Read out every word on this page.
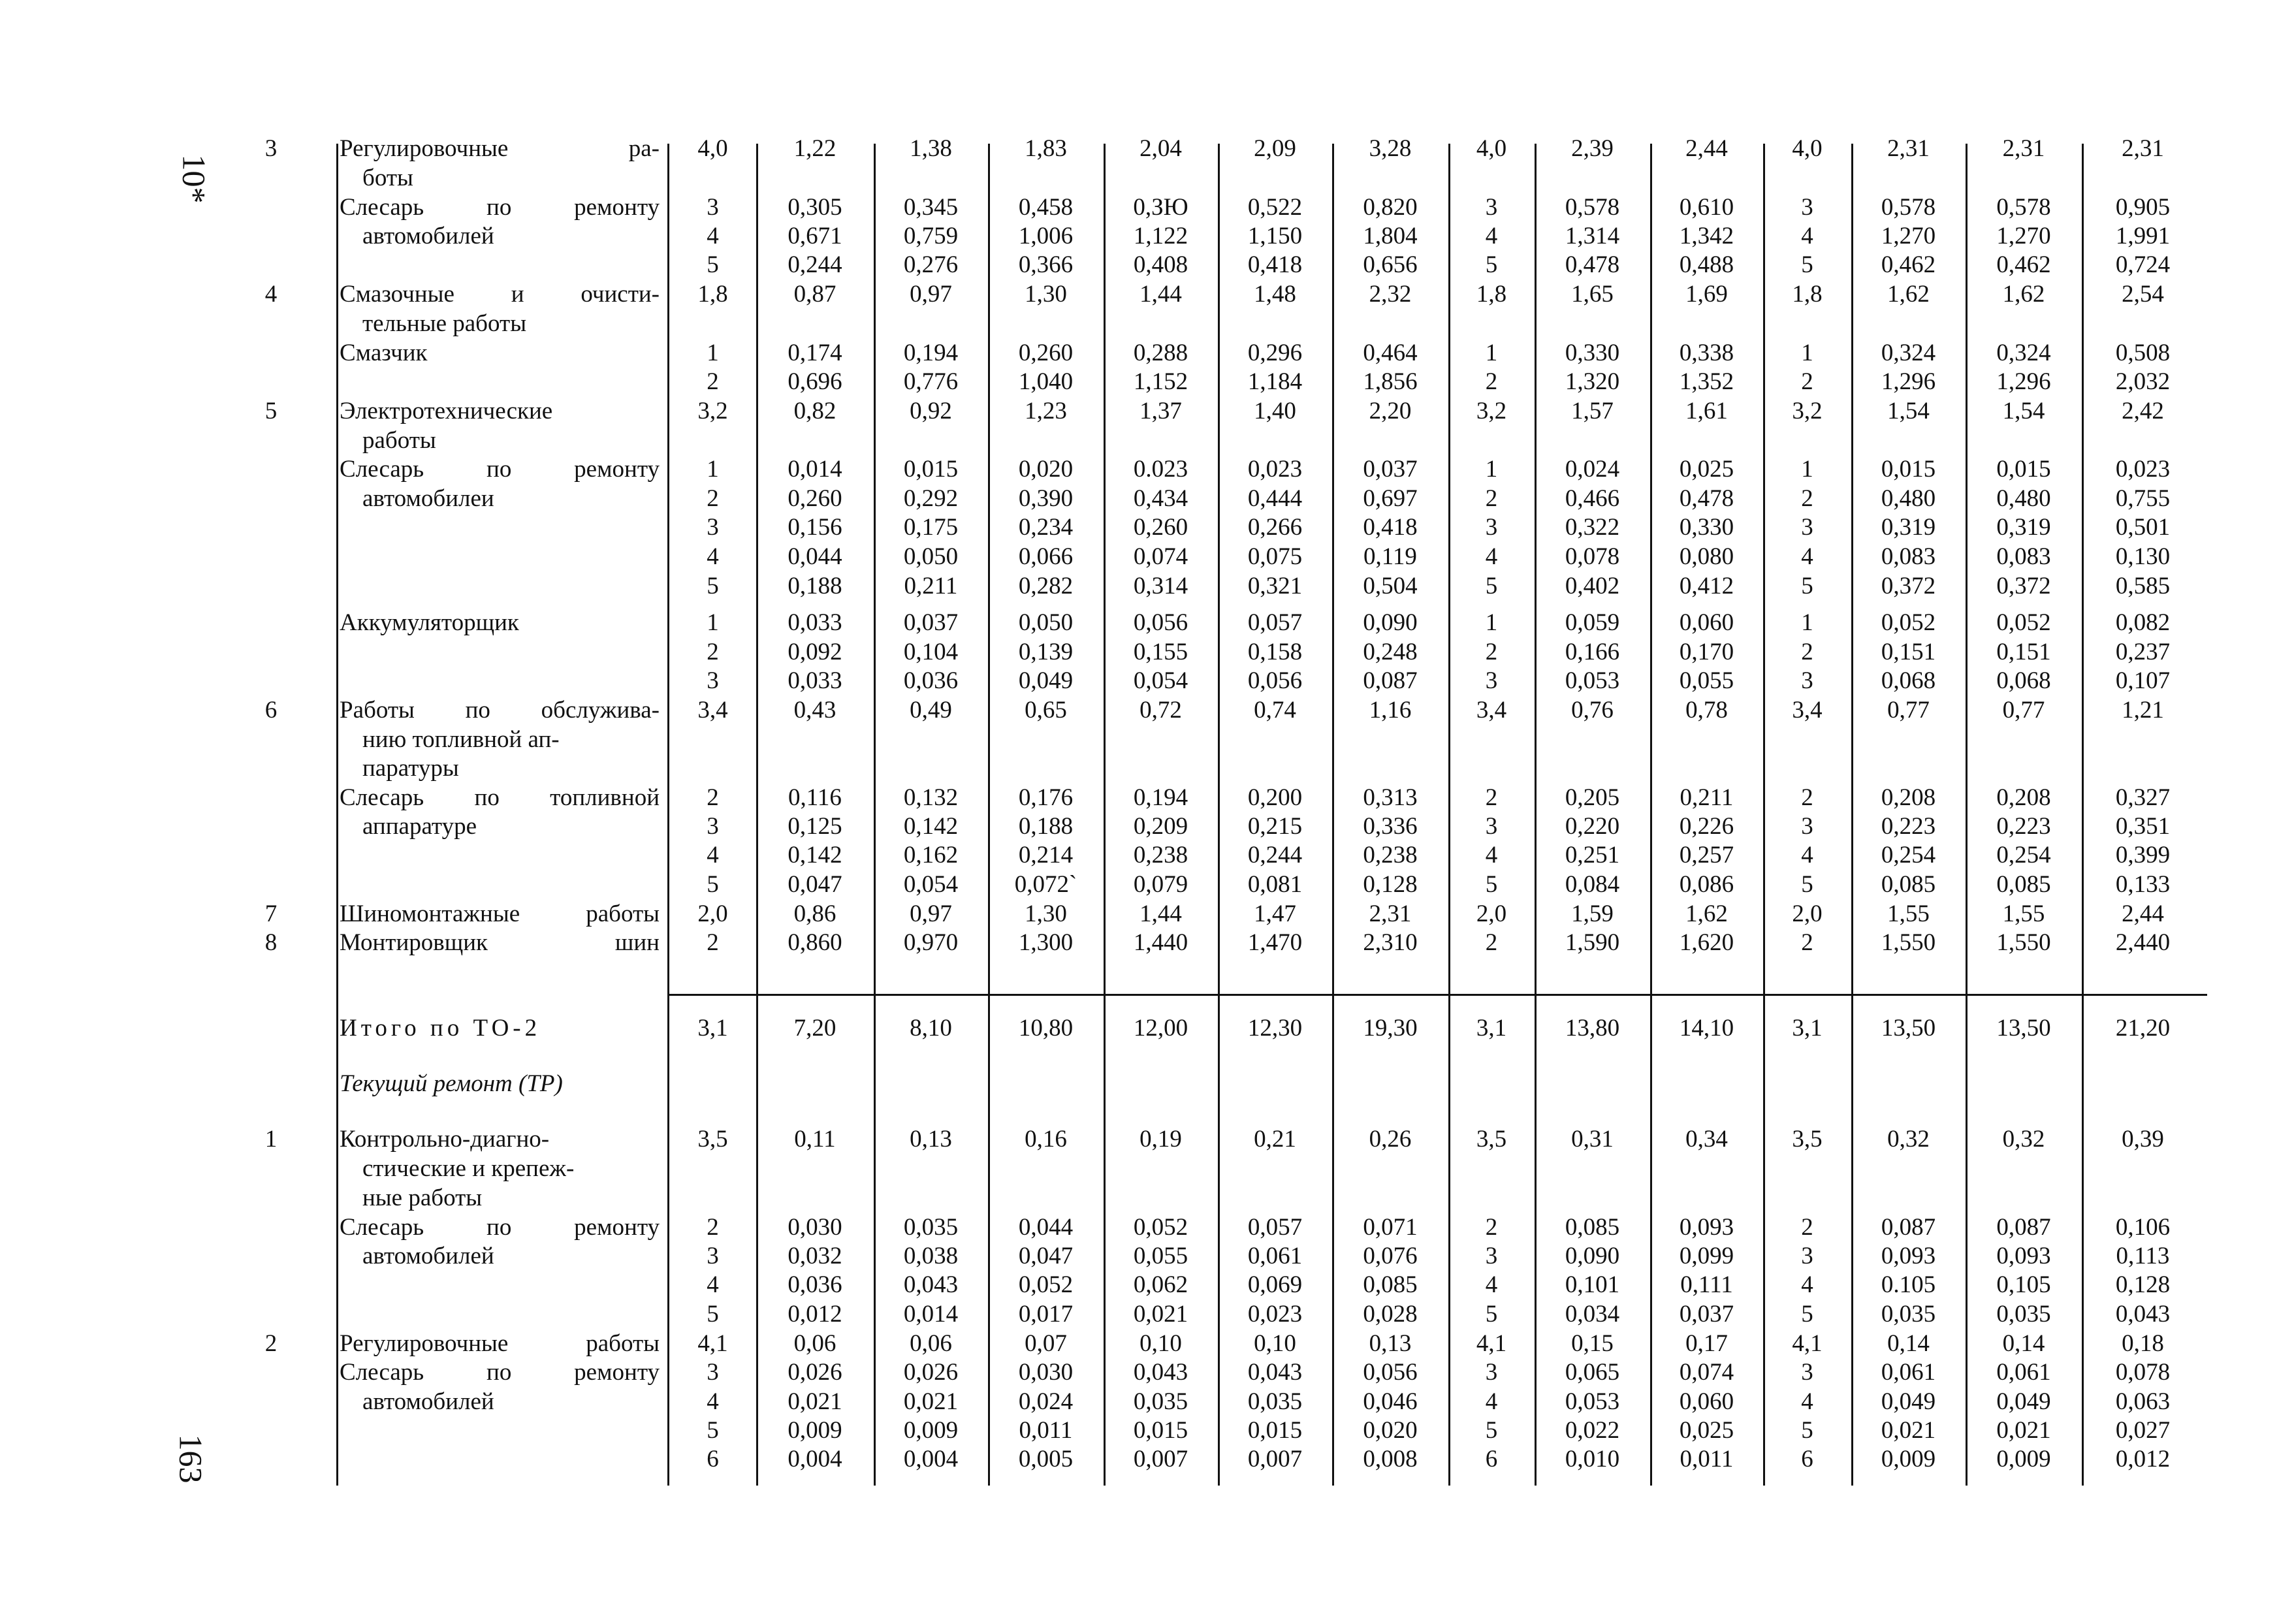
10*
163
3	Регулировочные ра-	4,0	1,22	1,38	1,83	2,04	2,09	3,28	4,0	2,39	2,44	4,0	2,31	2,31	2,31
боты
Слесарь по ремонту	3	0,305	0,345	0,458	0,ЗЮ	0,522	0,820	3	0,578	0,610	3	0,578	0,578	0,905
автомобилей	4	0,671	0,759	1,006	1,122	1,150	1,804	4	1,314	1,342	4	1,270	1,270	1,991
5	0,244	0,276	0,366	0,408	0,418	0,656	5	0,478	0,488	5	0,462	0,462	0,724
4	Смазочные и очисти-	1,8	0,87	0,97	1,30	1,44	1,48	2,32	1,8	1,65	1,69	1,8	1,62	1,62	2,54
тельные работы
Смазчик	1	0,174	0,194	0,260	0,288	0,296	0,464	1	0,330	0,338	1	0,324	0,324	0,508
2	0,696	0,776	1,040	1,152	1,184	1,856	2	1,320	1,352	2	1,296	1,296	2,032
5	Электротехнические	3,2	0,82	0,92	1,23	1,37	1,40	2,20	3,2	1,57	1,61	3,2	1,54	1,54	2,42
работы
Слесарь по ремонту	1	0,014	0,015	0,020	0.023	0,023	0,037	1	0,024	0,025	1	0,015	0,015	0,023
автомобилеи	2	0,260	0,292	0,390	0,434	0,444	0,697	2	0,466	0,478	2	0,480	0,480	0,755
3	0,156	0,175	0,234	0,260	0,266	0,418	3	0,322	0,330	3	0,319	0,319	0,501
4	0,044	0,050	0,066	0,074	0,075	0,119	4	0,078	0,080	4	0,083	0,083	0,130
5	0,188	0,211	0,282	0,314	0,321	0,504	5	0,402	0,412	5	0,372	0,372	0,585
Аккумуляторщик	1	0,033	0,037	0,050	0,056	0,057	0,090	1	0,059	0,060	1	0,052	0,052	0,082
2	0,092	0,104	0,139	0,155	0,158	0,248	2	0,166	0,170	2	0,151	0,151	0,237
3	0,033	0,036	0,049	0,054	0,056	0,087	3	0,053	0,055	3	0,068	0,068	0,107
6	Работы по обслужива-	3,4	0,43	0,49	0,65	0,72	0,74	1,16	3,4	0,76	0,78	3,4	0,77	0,77	1,21
нию топливной ап-
паратуры
Слесарь по топливной	2	0,116	0,132	0,176	0,194	0,200	0,313	2	0,205	0,211	2	0,208	0,208	0,327
аппаратуре	3	0,125	0,142	0,188	0,209	0,215	0,336	3	0,220	0,226	3	0,223	0,223	0,351
4	0,142	0,162	0,214	0,238	0,244	0,238	4	0,251	0,257	4	0,254	0,254	0,399
5	0,047	0,054	0,072`	0,079	0,081	0,128	5	0,084	0,086	5	0,085	0,085	0,133
7	Шиномонтажные работы	2,0	0,86	0,97	1,30	1,44	1,47	2,31	2,0	1,59	1,62	2,0	1,55	1,55	2,44
8	Монтировщик шин	2	0,860	0,970	1,300	1,440	1,470	2,310	2	1,590	1,620	2	1,550	1,550	2,440
Итого по ТО-2	3,1	7,20	8,10	10,80	12,00	12,30	19,30	3,1	13,80	14,10	3,1	13,50	13,50	21,20
1	Контрольно-диагно-	3,5	0,11	0,13	0,16	0,19	0,21	0,26	3,5	0,31	0,34	3,5	0,32	0,32	0,39
стические и крепеж-
ные работы
Слесарь по ремонту	2	0,030	0,035	0,044	0,052	0,057	0,071	2	0,085	0,093	2	0,087	0,087	0,106
автомобилей	3	0,032	0,038	0,047	0,055	0,061	0,076	3	0,090	0,099	3	0,093	0,093	0,113
4	0,036	0,043	0,052	0,062	0,069	0,085	4	0,101	0,111	4	0.105	0,105	0,128
5	0,012	0,014	0,017	0,021	0,023	0,028	5	0,034	0,037	5	0,035	0,035	0,043
2	Регулировочные работы	4,1	0,06	0,06	0,07	0,10	0,10	0,13	4,1	0,15	0,17	4,1	0,14	0,14	0,18
Слесарь по ремонту	3	0,026	0,026	0,030	0,043	0,043	0,056	3	0,065	0,074	3	0,061	0,061	0,078
автомобилей	4	0,021	0,021	0,024	0,035	0,035	0,046	4	0,053	0,060	4	0,049	0,049	0,063
5	0,009	0,009	0,011	0,015	0,015	0,020	5	0,022	0,025	5	0,021	0,021	0,027
6	0,004	0,004	0,005	0,007	0,007	0,008	6	0,010	0,011	6	0,009	0,009	0,012
Текущий ремонт (ТР)
